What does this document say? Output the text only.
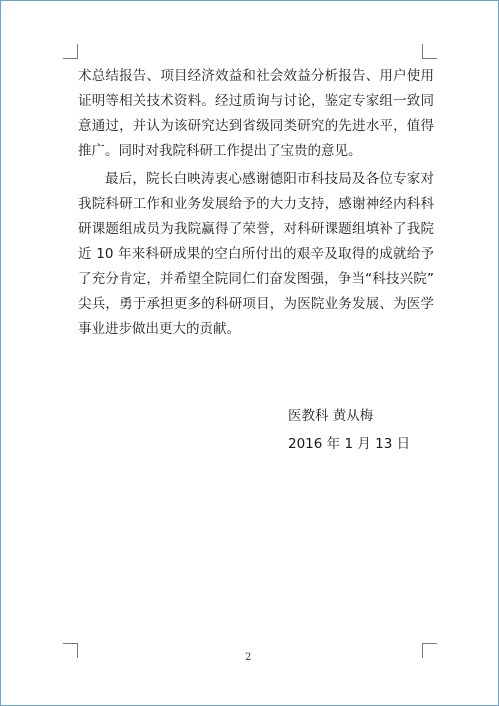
术总结报告、项目经济效益和社会效益分析报告、用户使用
证明等相关技术资料。经过质询与讨论，鉴定专家组一致同
意通过，并认为该研究达到省级同类研究的先进水平，值得
推广。同时对我院科研工作提出了宝贵的意见。
最后，院长白映涛衷心感谢德阳市科技局及各位专家对
我院科研工作和业务发展给予的大力支持，感谢神经内科科
研课题组成员为我院赢得了荣誉，对科研课题组填补了我院
近 10 年来科研成果的空白所付出的艰辛及取得的成就给予
了充分肯定，并希望全院同仁们奋发图强，争当“科技兴院”
尖兵，勇于承担更多的科研项目，为医院业务发展、为医学
事业进步做出更大的贡献。
医教科 黄从梅
2016 年 1 月 13 日
2
